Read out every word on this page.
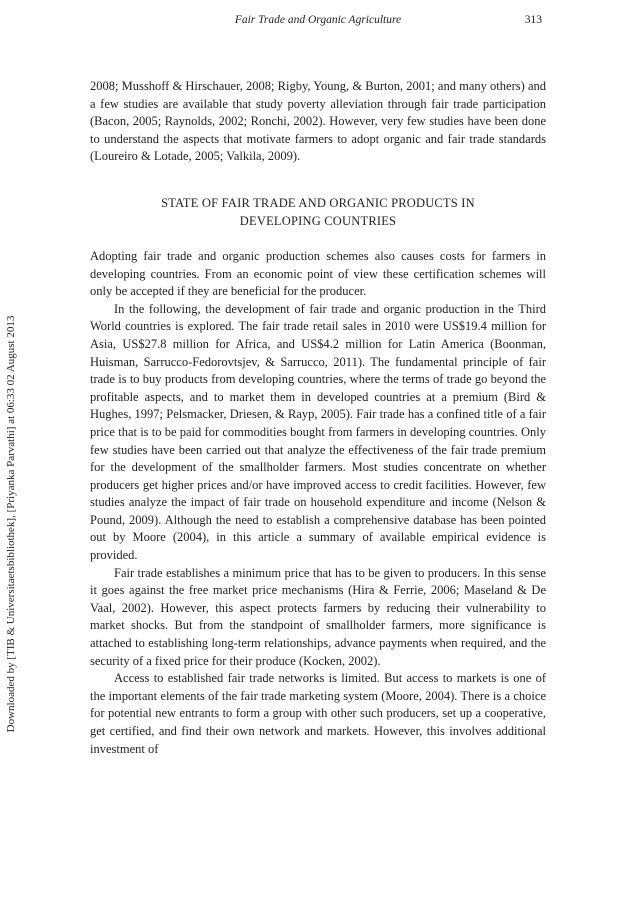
Fair Trade and Organic Agriculture	313
Downloaded by [TIB & Universitaetsbibliothek], [Priyanka Parvathi] at 06:33 02 August 2013

2008; Musshoff & Hirschauer, 2008; Rigby, Young, & Burton, 2001; and many others) and a few studies are available that study poverty alleviation through fair trade participation (Bacon, 2005; Raynolds, 2002; Ronchi, 2002). However, very few studies have been done to understand the aspects that motivate farmers to adopt organic and fair trade standards (Loureiro & Lotade, 2005; Valkila, 2009).

STATE OF FAIR TRADE AND ORGANIC PRODUCTS IN
DEVELOPING COUNTRIES

Adopting fair trade and organic production schemes also causes costs for farmers in developing countries. From an economic point of view these certification schemes will only be accepted if they are beneficial for the producer.

In the following, the development of fair trade and organic production in the Third World countries is explored. The fair trade retail sales in 2010 were US$19.4 million for Asia, US$27.8 million for Africa, and US$4.2 million for Latin America (Boonman, Huisman, Sarrucco-Fedorovtsjev, & Sarrucco, 2011). The fundamental principle of fair trade is to buy products from developing countries, where the terms of trade go beyond the profitable aspects, and to market them in developed countries at a premium (Bird & Hughes, 1997; Pelsmacker, Driesen, & Rayp, 2005). Fair trade has a confined title of a fair price that is to be paid for commodities bought from farmers in developing countries. Only few studies have been carried out that analyze the effectiveness of the fair trade premium for the development of the smallholder farmers. Most studies concentrate on whether producers get higher prices and/or have improved access to credit facilities. However, few studies analyze the impact of fair trade on household expenditure and income (Nelson & Pound, 2009). Although the need to establish a comprehensive database has been pointed out by Moore (2004), in this article a summary of available empirical evidence is provided.

Fair trade establishes a minimum price that has to be given to producers. In this sense it goes against the free market price mechanisms (Hira & Ferrie, 2006; Maseland & De Vaal, 2002). However, this aspect protects farmers by reducing their vulnerability to market shocks. But from the standpoint of smallholder farmers, more significance is attached to establishing long-term relationships, advance payments when required, and the security of a fixed price for their produce (Kocken, 2002).

Access to established fair trade networks is limited. But access to markets is one of the important elements of the fair trade marketing system (Moore, 2004). There is a choice for potential new entrants to form a group with other such producers, set up a cooperative, get certified, and find their own network and markets. However, this involves additional investment of
